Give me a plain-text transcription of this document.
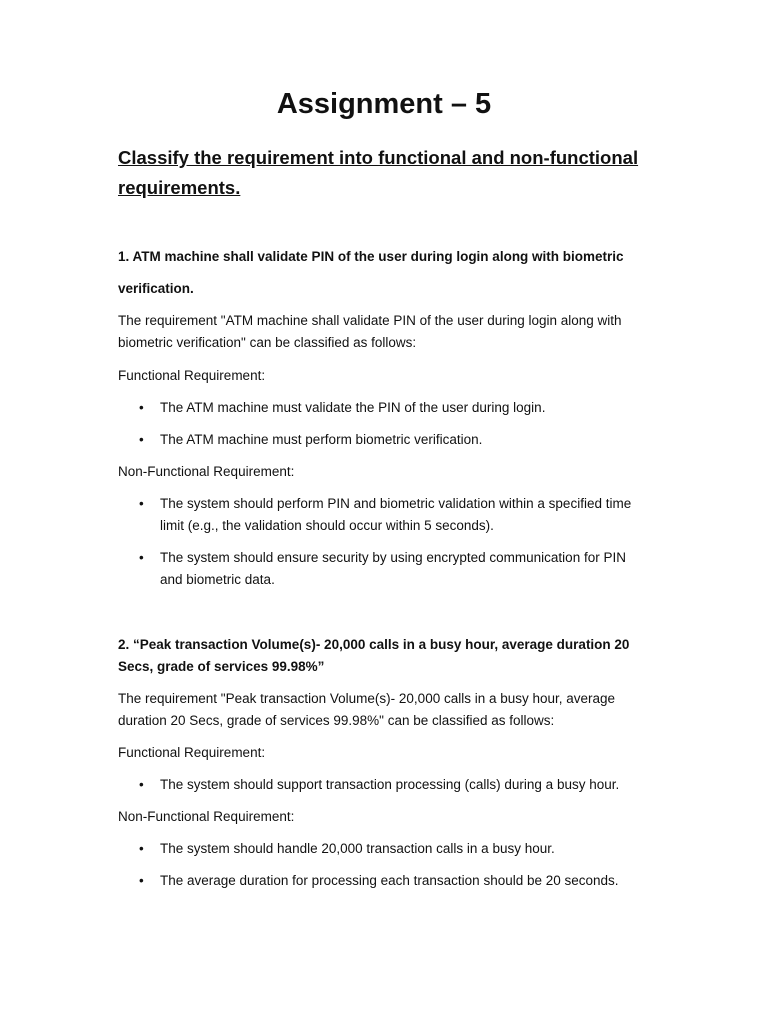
Assignment – 5
Classify the requirement into functional and non-functional requirements.

1. ATM machine shall validate PIN of the user during login along with biometric

verification.

The requirement "ATM machine shall validate PIN of the user during login along with biometric verification" can be classified as follows:

Functional Requirement:

• The ATM machine must validate the PIN of the user during login.
• The ATM machine must perform biometric verification.

Non-Functional Requirement:

• The system should perform PIN and biometric validation within a specified time limit (e.g., the validation should occur within 5 seconds).
• The system should ensure security by using encrypted communication for PIN and biometric data.

2. “Peak transaction Volume(s)- 20,000 calls in a busy hour, average duration 20 Secs, grade of services 99.98%”

The requirement "Peak transaction Volume(s)- 20,000 calls in a busy hour, average duration 20 Secs, grade of services 99.98%" can be classified as follows:

Functional Requirement:

• The system should support transaction processing (calls) during a busy hour.

Non-Functional Requirement:

• The system should handle 20,000 transaction calls in a busy hour.
• The average duration for processing each transaction should be 20 seconds.
